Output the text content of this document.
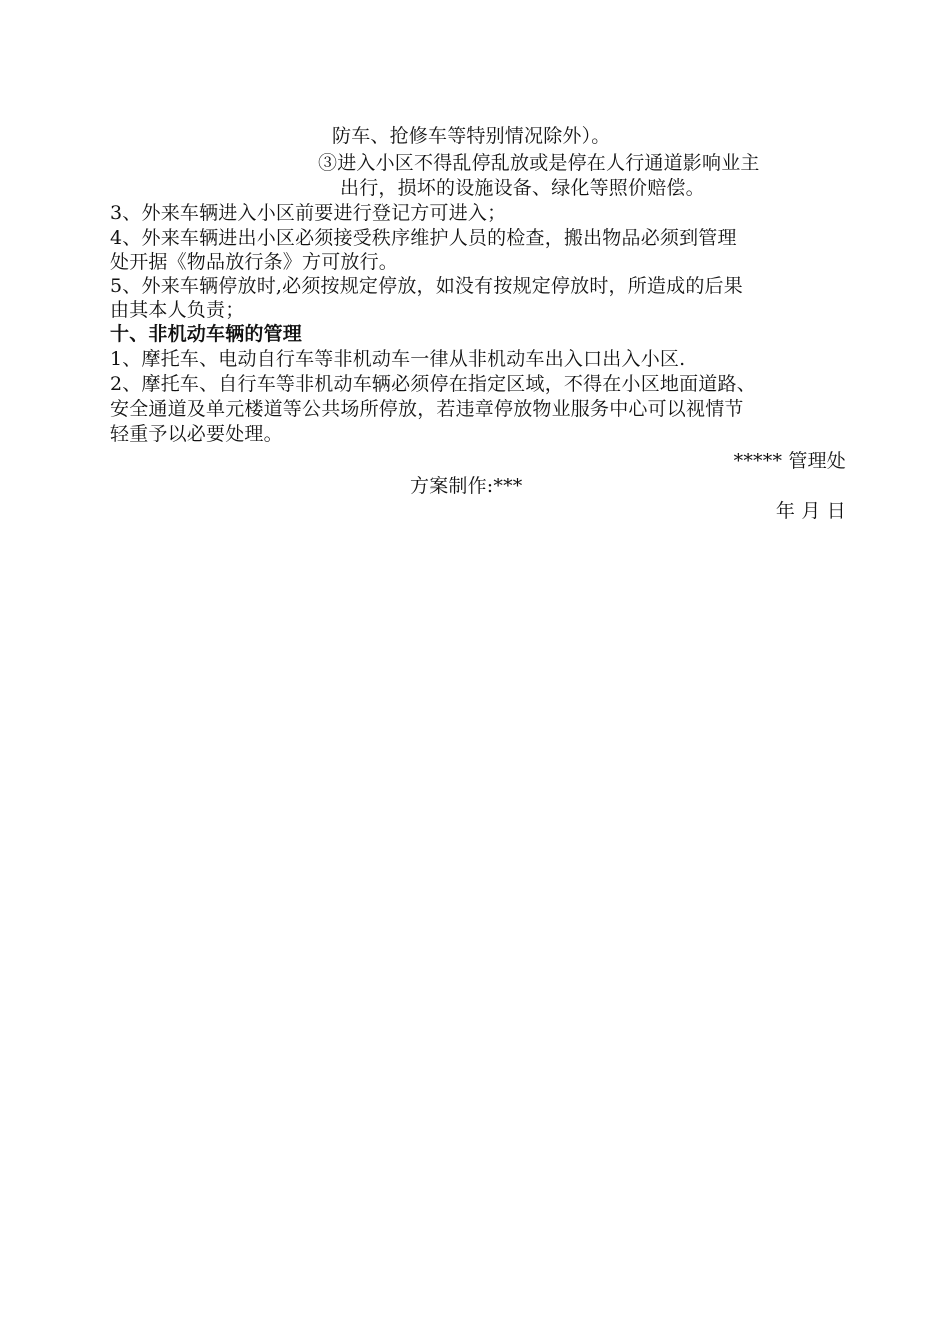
防车、抢修车等特别情况除外）。
③进入小区不得乱停乱放或是停在人行通道影响业主
出行，损坏的设施设备、绿化等照价赔偿。
3、外来车辆进入小区前要进行登记方可进入；
4、外来车辆进出小区必须接受秩序维护人员的检查，搬出物品必须到管理
处开据《物品放行条》方可放行。
5、外来车辆停放时,必须按规定停放，如没有按规定停放时，所造成的后果
由其本人负责；
十、非机动车辆的管理
1、摩托车、电动自行车等非机动车一律从非机动车出入口出入小区.
2、摩托车、自行车等非机动车辆必须停在指定区域，不得在小区地面道路、
安全通道及单元楼道等公共场所停放，若违章停放物业服务中心可以视情节
轻重予以必要处理。
***** 管理处
方案制作:***
年 月 日
